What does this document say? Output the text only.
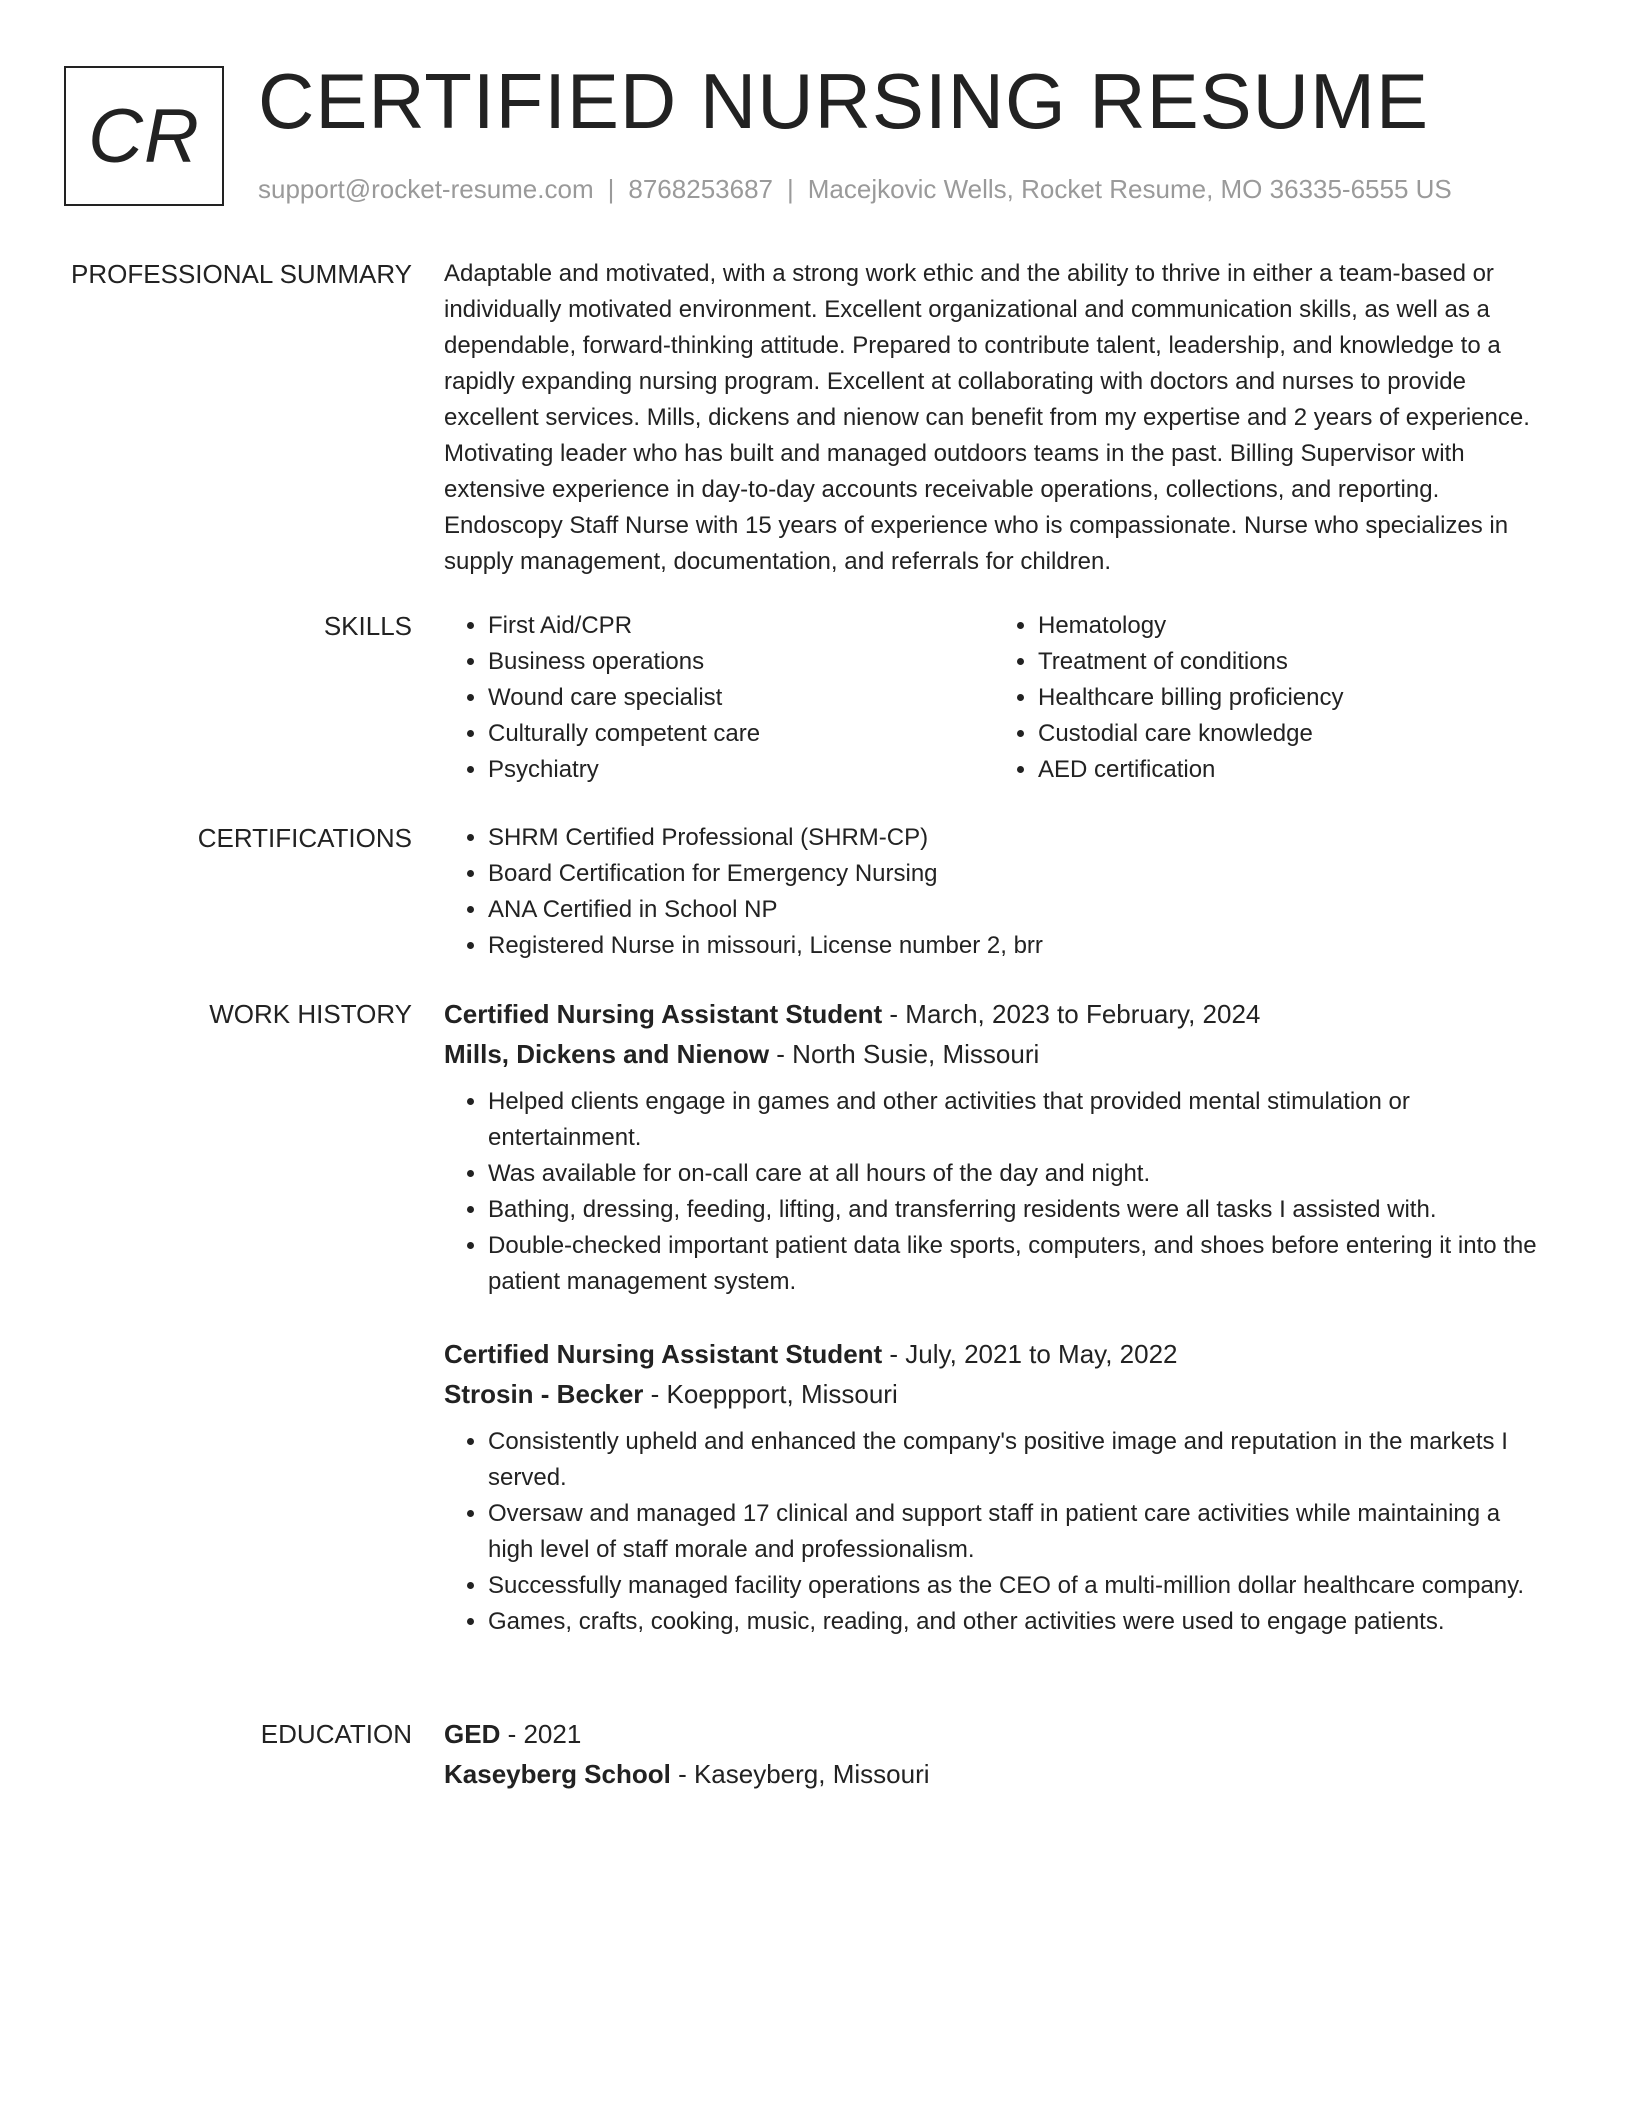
CR CERTIFIED NURSING RESUME
support@rocket-resume.com | 8768253687 | Macejkovic Wells, Rocket Resume, MO 36335-6555 US
PROFESSIONAL SUMMARY Adaptable and motivated, with a strong work ethic and the ability to thrive in either a team-based or individually motivated environment. Excellent organizational and communication skills, as well as a dependable, forward-thinking attitude. Prepared to contribute talent, leadership, and knowledge to a rapidly expanding nursing program. Excellent at collaborating with doctors and nurses to provide excellent services. Mills, dickens and nienow can benefit from my expertise and 2 years of experience. Motivating leader who has built and managed outdoors teams in the past. Billing Supervisor with extensive experience in day-to-day accounts receivable operations, collections, and reporting. Endoscopy Staff Nurse with 15 years of experience who is compassionate. Nurse who specializes in supply management, documentation, and referrals for children.

SKILLS	• First Aid/CPR
• Business operations
• Wound care specialist
• Culturally competent care
• Psychiatry
• Hematology
• Treatment of conditions
• Healthcare billing proficiency
• Custodial care knowledge
• AED certification
CERTIFICATIONS	• SHRM Certified Professional (SHRM-CP)
• Board Certification for Emergency Nursing
• ANA Certified in School NP
• Registered Nurse in missouri, License number 2, brr
WORK HISTORY Certified Nursing Assistant Student - March, 2023 to February, 2024

Mills, Dickens and Nienow - North Susie, Missouri

• Helped clients engage in games and other activities that provided mental stimulation or entertainment.
• Was available for on-call care at all hours of the day and night.
• Bathing, dressing, feeding, lifting, and transferring residents were all tasks I assisted with.
• Double-checked important patient data like sports, computers, and shoes before entering it into the patient management system.

Certified Nursing Assistant Student - July, 2021 to May, 2022

Strosin - Becker - Koeppport, Missouri

• Consistently upheld and enhanced the company's positive image and reputation in the markets I served.
• Oversaw and managed 17 clinical and support staff in patient care activities while maintaining a high level of staff morale and professionalism.
• Successfully managed facility operations as the CEO of a multi-million dollar healthcare company.
• Games, crafts, cooking, music, reading, and other activities were used to engage patients.
EDUCATION GED - 2021

Kaseyberg School - Kaseyberg, Missouri
